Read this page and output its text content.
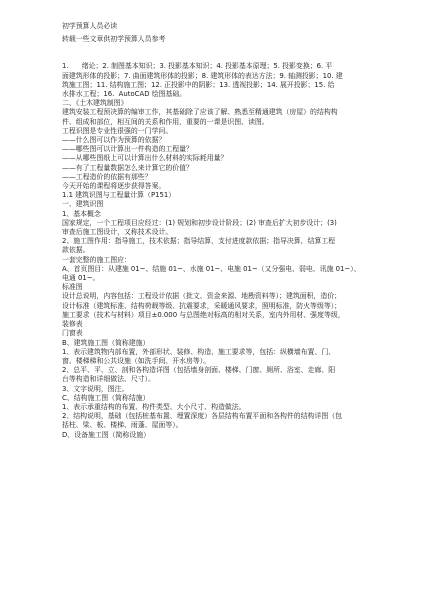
初学预算人员必读
转载一些文章供初学预算人员参考
1.      绪论；2. 制图基本知识；3. 投影基本知识；4. 投影基本原理；5. 投影变换；6. 平
面建筑形体的投影；7. 曲面建筑形体的投影；8. 建筑形体的表达方法；9. 轴测投影；10. 建
筑施工图；11. 结构施工图；12. 正投影中的阴影；13. 透视投影；14. 展开投影；15. 给
水排水工程；16.  AutoCAD 绘图基础。
二、《土木建筑制图》
建筑安装工程预决算的编审工作，其基础除了应该了解、熟悉至精通建筑（房屋）的结构构
件、组成和部位，相互间的关系和作用，重要的一课是识图、读图。
工程识图是专业性很强的一门学问。
——什么图可以作为预算的依据？
——哪些图可以计算出一件构造的工程量？
——从哪些图纸上可以计算出什么材料的实际耗用量？
——有了工程量数据怎么来计算它的价值？
——工程造价的依据有那些？
今天开始的课程将逐步获得答案。
1.1 建筑识图与工程量计算（P151）
一、建筑识图
1、基本概念
国家规定，一个工程项目应经过：(1) 规划和初步设计阶段；(2) 审查后扩大初步设计；(3)
审查后施工图设计，又称技术设计。
2、施工图作用：指导施工，技术依据；指导结算，支付进度款依据；指导决算，结算工程
款依据。
一套完整的施工图应：
A、首页图目：从建施 01~、结施 01~、水施 01~、电施 01~（又分强电、弱电、讯施 01~）、
电通 01~。
标准图
设计总说明，内容包括：工程设计依据（批文、资金来源、地勘资料等）；建筑面积，造价；
设计标准（建筑标准、结构荷载等级、抗震要求，采暖通风要求，照明标准，防火等级等）；
施工要求（技术与材料）项目±0.000 与总图绝对标高的相对关系，室内外用材、强度等级，
装修表
门窗表
B、建筑施工图（简称建施）
1、表示建筑物内部布置，外部形状、装修、构造、施工要求等，包括：纵横墙布置、门、
窗、楼梯梯和公共设施（如洗手间、开水房等）。
2、总平、平、立、剖和各构造详图（包括墙身剖面、楼梯、门窗、厕所、浴室、走廊、阳
台等构造和详细做法、尺寸）。
3、文字说明，图注。
C、结构施工图（简称结施）
1、表示承重结构的布置、构件类型、大小尺寸、构造做法。
2、结构说明，基础（包括桩基布置、埋置深度）各层结构布置平面和各构件的结构详图（包
括柱、梁、板、楼梯、雨蓬、屋面等）。
D、设备施工图（简称设施）
